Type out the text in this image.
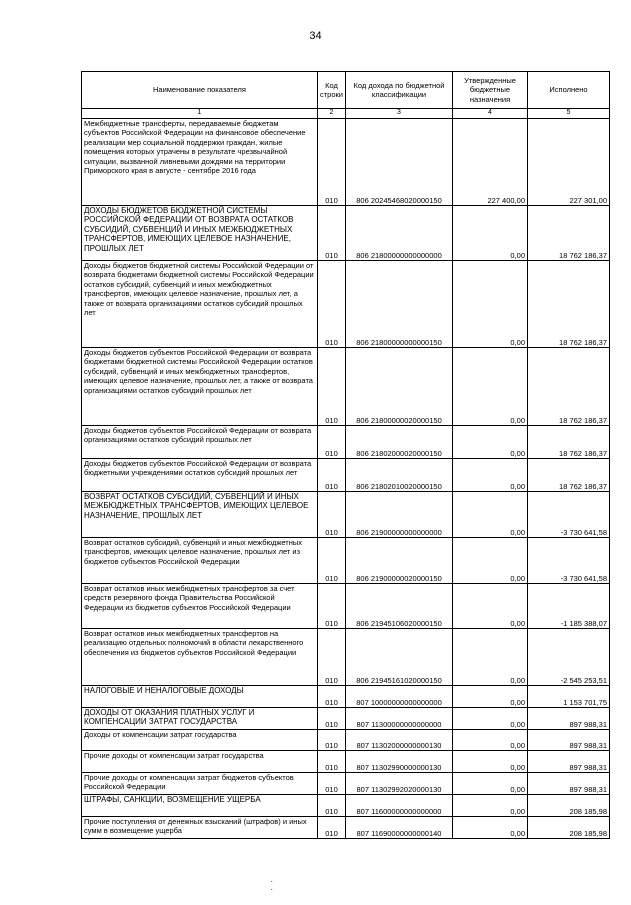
34
Наименование показателя	Код строки	Код дохода по бюджетной классификации	Утвержденные бюджетные назначения	Исполнено
1	2	3	4	5
Межбюджетные трансферты, передаваемые бюджетам субъектов Российской Федерации на финансовое обеспечение реализации мер социальной поддержки граждан, жилые помещения которых утрачены в результате чрезвычайной ситуации, вызванной ливневыми дождями на территории Приморского края в августе - сентябре 2016 года	010	806 20245468020000150	227 400,00	227 301,00
ДОХОДЫ БЮДЖЕТОВ БЮДЖЕТНОЙ СИСТЕМЫ РОССИЙСКОЙ ФЕДЕРАЦИИ ОТ ВОЗВРАТА ОСТАТКОВ СУБСИДИЙ, СУБВЕНЦИЙ И ИНЫХ МЕЖБЮДЖЕТНЫХ ТРАНСФЕРТОВ, ИМЕЮЩИХ ЦЕЛЕВОЕ НАЗНАЧЕНИЕ, ПРОШЛЫХ ЛЕТ	010	806 21800000000000000	0,00	18 762 186,37
Доходы бюджетов бюджетной системы Российской Федерации от возврата бюджетами бюджетной системы Российской Федерации остатков субсидий, субвенций и иных межбюджетных трансфертов, имеющих целевое назначение, прошлых лет, а также от возврата организациями остатков субсидий прошлых лет	010	806 21800000000000150	0,00	18 762 186,37
Доходы бюджетов субъектов Российской Федерации от возврата бюджетами бюджетной системы Российской Федерации остатков субсидий, субвенций и иных межбюджетных трансфертов, имеющих целевое назначение, прошлых лет, а также от возврата организациями остатков субсидий прошлых лет	010	806 21800000020000150	0,00	18 762 186,37
Доходы бюджетов субъектов Российской Федерации от возврата организациями остатков субсидий прошлых лет	010	806 21802000020000150	0,00	18 762 186,37
Доходы бюджетов субъектов Российской Федерации от возврата бюджетными учреждениями остатков субсидий прошлых лет	010	806 21802010020000150	0,00	18 762 186,37
ВОЗВРАТ ОСТАТКОВ СУБСИДИЙ, СУБВЕНЦИЙ И ИНЫХ МЕЖБЮДЖЕТНЫХ ТРАНСФЕРТОВ, ИМЕЮЩИХ ЦЕЛЕВОЕ НАЗНАЧЕНИЕ, ПРОШЛЫХ ЛЕТ	010	806 21900000000000000	0,00	-3 730 641,58
Возврат остатков субсидий, субвенций и иных межбюджетных трансфертов, имеющих целевое назначение, прошлых лет из бюджетов субъектов Российской Федерации	010	806 21900000020000150	0,00	-3 730 641,58
Возврат остатков иных межбюджетных трансфертов за счет средств резервного фонда Правительства Российской Федерации из бюджетов субъектов Российской Федерации	010	806 21945106020000150	0,00	-1 185 388,07
Возврат остатков иных межбюджетных трансфертов на реализацию отдельных полномочий в области лекарственного обеспечения из бюджетов субъектов Российской Федерации	010	806 21945161020000150	0,00	-2 545 253,51
НАЛОГОВЫЕ И НЕНАЛОГОВЫЕ ДОХОДЫ	010	807 10000000000000000	0,00	1 153 701,75
ДОХОДЫ ОТ ОКАЗАНИЯ ПЛАТНЫХ УСЛУГ И КОМПЕНСАЦИИ ЗАТРАТ ГОСУДАРСТВА	010	807 11300000000000000	0,00	897 988,31
Доходы от компенсации затрат государства	010	807 11302000000000130	0,00	897 988,31
Прочие доходы от компенсации затрат государства	010	807 11302990000000130	0,00	897 988,31
Прочие доходы от компенсации затрат бюджетов субъектов Российской Федерации	010	807 11302992020000130	0,00	897 988,31
ШТРАФЫ, САНКЦИИ, ВОЗМЕЩЕНИЕ УЩЕРБА	010	807 11600000000000000	0,00	208 185,98
Прочие поступления от денежных взысканий (штрафов) и иных сумм в возмещение ущерба	010	807 11690000000000140	0,00	208 185,98
·
·
